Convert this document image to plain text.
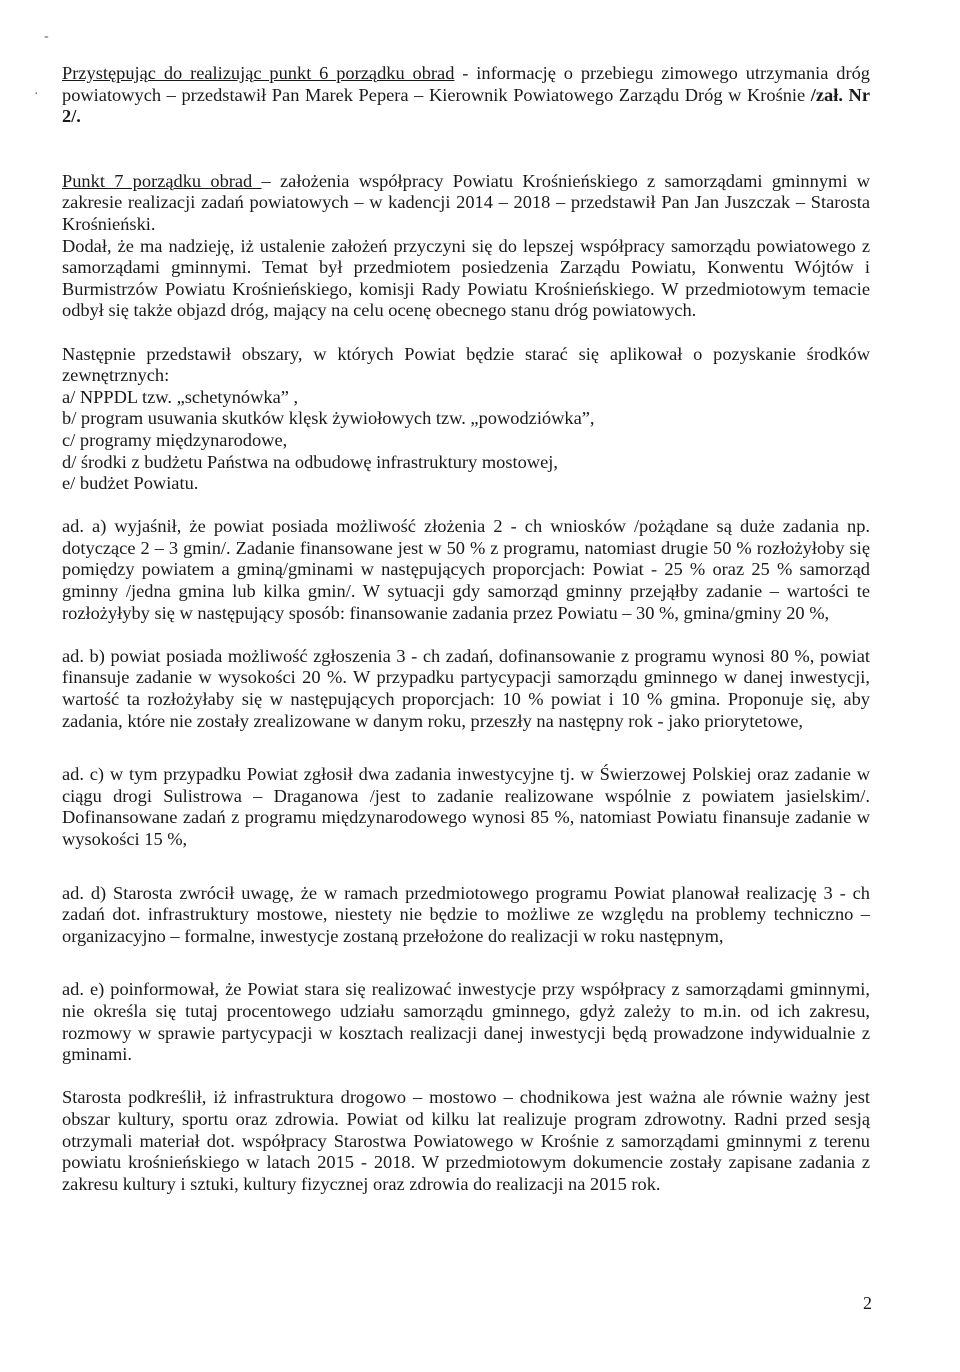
-
·

Przystępując do realizując punkt 6 porządku obrad - informację o przebiegu zimowego utrzymania dróg powiatowych – przedstawił Pan Marek Pepera – Kierownik Powiatowego Zarządu Dróg w Krośnie /zał. Nr 2/.

Punkt 7 porządku obrad – założenia współpracy Powiatu Krośnieńskiego z samorządami gminnymi w zakresie realizacji zadań powiatowych – w kadencji 2014 – 2018 – przedstawił Pan Jan Juszczak – Starosta Krośnieński.

Dodał, że ma nadzieję, iż ustalenie założeń przyczyni się do lepszej współpracy samorządu powiatowego z samorządami gminnymi. Temat był przedmiotem posiedzenia Zarządu Powiatu, Konwentu Wójtów i Burmistrzów Powiatu Krośnieńskiego, komisji Rady Powiatu Krośnieńskiego. W przedmiotowym temacie odbył się także objazd dróg, mający na celu ocenę obecnego stanu dróg powiatowych.

Następnie przedstawił obszary, w których Powiat będzie starać się aplikował o pozyskanie środków zewnętrznych:

a/ NPPDL tzw. „schetynówka” ,
b/ program usuwania skutków klęsk żywiołowych tzw. „powodziówka”,
c/ programy międzynarodowe,
d/ środki z budżetu Państwa na odbudowę infrastruktury mostowej,
e/ budżet Powiatu.

ad. a) wyjaśnił, że powiat posiada możliwość złożenia 2 - ch wniosków /pożądane są duże zadania np. dotyczące 2 – 3 gmin/. Zadanie finansowane jest w 50 % z programu, natomiast drugie 50 % rozłożyłoby się pomiędzy powiatem a gminą/gminami w następujących proporcjach: Powiat - 25 % oraz 25 % samorząd gminny /jedna gmina lub kilka gmin/. W sytuacji gdy samorząd gminny przejąłby zadanie – wartości te rozłożyłyby się w następujący sposób: finansowanie zadania przez Powiatu – 30 %, gmina/gminy 20 %,

ad. b) powiat posiada możliwość zgłoszenia 3 - ch zadań, dofinansowanie z programu wynosi 80 %, powiat finansuje zadanie w wysokości 20 %. W przypadku partycypacji samorządu gminnego w danej inwestycji, wartość ta rozłożyłaby się w następujących proporcjach: 10 % powiat i 10 % gmina. Proponuje się, aby zadania, które nie zostały zrealizowane w danym roku, przeszły na następny rok - jako priorytetowe,

ad. c) w tym przypadku Powiat zgłosił dwa zadania inwestycyjne tj. w Świerzowej Polskiej oraz zadanie w ciągu drogi Sulistrowa – Draganowa /jest to zadanie realizowane wspólnie z powiatem jasielskim/. Dofinansowane zadań z programu międzynarodowego wynosi 85 %, natomiast Powiatu finansuje zadanie w wysokości 15 %,

ad. d) Starosta zwrócił uwagę, że w ramach przedmiotowego programu Powiat planował realizację 3 - ch zadań dot. infrastruktury mostowe, niestety nie będzie to możliwe ze względu na problemy techniczno – organizacyjno – formalne, inwestycje zostaną przełożone do realizacji w roku następnym,

ad. e) poinformował, że Powiat stara się realizować inwestycje przy współpracy z samorządami gminnymi, nie określa się tutaj procentowego udziału samorządu gminnego, gdyż zależy to m.in. od ich zakresu, rozmowy w sprawie partycypacji w kosztach realizacji danej inwestycji będą prowadzone indywidualnie z gminami.

Starosta podkreślił, iż infrastruktura drogowo – mostowo – chodnikowa jest ważna ale równie ważny jest obszar kultury, sportu oraz zdrowia. Powiat od kilku lat realizuje program zdrowotny. Radni przed sesją otrzymali materiał dot. współpracy Starostwa Powiatowego w Krośnie z samorządami gminnymi z terenu powiatu krośnieńskiego w latach 2015 - 2018. W przedmiotowym dokumencie zostały zapisane zadania z zakresu kultury i sztuki, kultury fizycznej oraz zdrowia do realizacji na 2015 rok.

2
